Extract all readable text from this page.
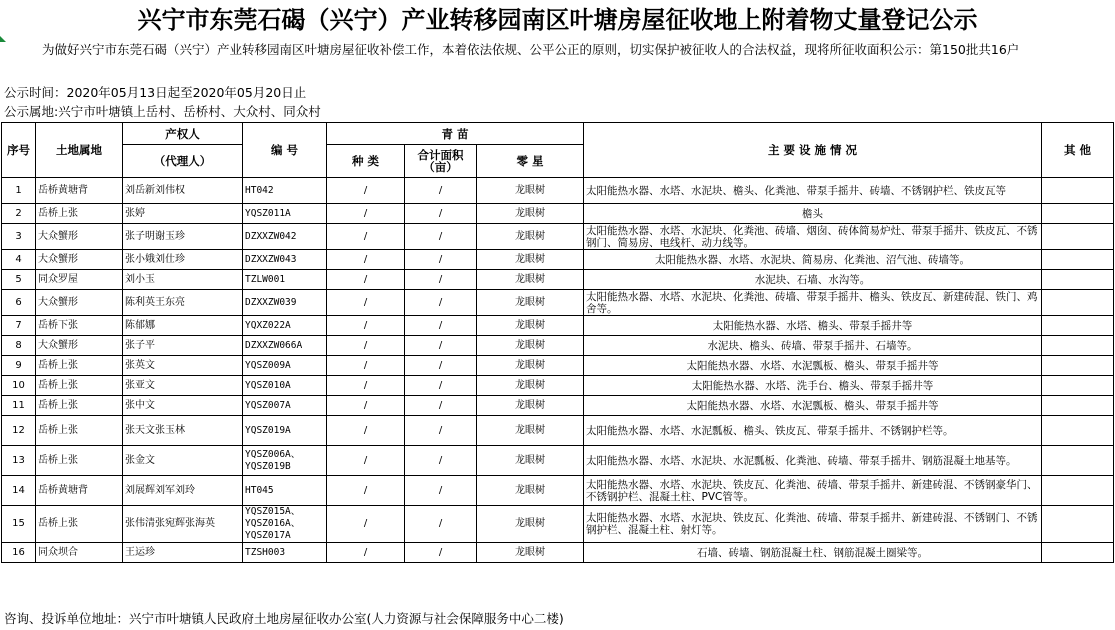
兴宁市东莞石碣（兴宁）产业转移园南区叶塘房屋征收地上附着物丈量登记公示
为做好兴宁市东莞石碣（兴宁）产业转移园南区叶塘房屋征收补偿工作，本着依法依规、公平公正的原则，切实保护被征收人的合法权益，现将所征收面积公示：第150批共16户
公示时间：2020年05月13日起至2020年05月20日止
公示属地:兴宁市叶塘镇上岳村、岳桥村、大众村、同众村
序号	土地属地	产权人	编 号	青 苗			主 要 设 施 情 况	其 他
		（代理人）		种 类	合计面积（亩）	零 星		
1	岳桥黄塘背	刘岳新刘伟权	HT042	/	/	龙眼树	太阳能热水器、水塔、水泥块、檐头、化粪池、带泵手摇井、砖墙、不锈钢护栏、铁皮瓦等	
2	岳桥上张	张婷	YQSZ011A	/	/	龙眼树	檐头	
3	大众蟹形	张子明谢玉珍	DZXXZW042	/	/	龙眼树	太阳能热水器、水塔、水泥块、化粪池、砖墙、烟囱、砖体简易炉灶、带泵手摇井、铁皮瓦、不锈钢门、简易房、电线杆、动力线等。	
4	大众蟹形	张小娥刘仕珍	DZXXZW043	/	/	龙眼树	太阳能热水器、水塔、水泥块、简易房、化粪池、沼气池、砖墙等。	
5	同众罗屋	刘小玉	TZLW001	/	/	龙眼树	水泥块、石墙、水沟等。	
6	大众蟹形	陈利英王东亮	DZXXZW039	/	/	龙眼树	太阳能热水器、水塔、水泥块、化粪池、砖墙、带泵手摇井、檐头、铁皮瓦、新建砖混、铁门、鸡舍等。	
7	岳桥下张	陈郁娜	YQXZ022A	/	/	龙眼树	太阳能热水器、水塔、檐头、带泵手摇井等	
8	大众蟹形	张子平	DZXXZW066A	/	/	龙眼树	水泥块、檐头、砖墙、带泵手摇井、石墙等。	
9	岳桥上张	张英文	YQSZ009A	/	/	龙眼树	太阳能热水器、水塔、水泥瓢板、檐头、带泵手摇井等	
10	岳桥上张	张亚文	YQSZ010A	/	/	龙眼树	太阳能热水器、水塔、洗手台、檐头、带泵手摇井等	
11	岳桥上张	张中文	YQSZ007A	/	/	龙眼树	太阳能热水器、水塔、水泥瓢板、檐头、带泵手摇井等	
12	岳桥上张	张天文张玉林	YQSZ019A	/	/	龙眼树	太阳能热水器、水塔、水泥瓢板、檐头、铁皮瓦、带泵手摇井、不锈钢护栏等。	
13	岳桥上张	张金文	YQSZ006A、YQSZ019B	/	/	龙眼树	太阳能热水器、水塔、水泥块、水泥瓢板、化粪池、砖墙、带泵手摇井、钢筋混凝土地基等。	
14	岳桥黄塘背	刘展辉刘军刘玲	HT045	/	/	龙眼树	太阳能热水器、水塔、水泥块、铁皮瓦、化粪池、砖墙、带泵手摇井、新建砖混、不锈钢豪华门、不锈钢护栏、混凝土柱、PVC管等。	
15	岳桥上张	张伟清张宛辉张海英	YQSZ015A、YQSZ016A、YQSZ017A	/	/	龙眼树	太阳能热水器、水塔、水泥块、铁皮瓦、化粪池、砖墙、带泵手摇井、新建砖混、不锈钢门、不锈钢护栏、混凝土柱、射灯等。	
16	同众坝合	王运珍	TZSH003	/	/	龙眼树	石墙、砖墙、钢筋混凝土柱、钢筋混凝土圈梁等。	
咨询、投诉单位地址：兴宁市叶塘镇人民政府土地房屋征收办公室(人力资源与社会保障服务中心二楼)
